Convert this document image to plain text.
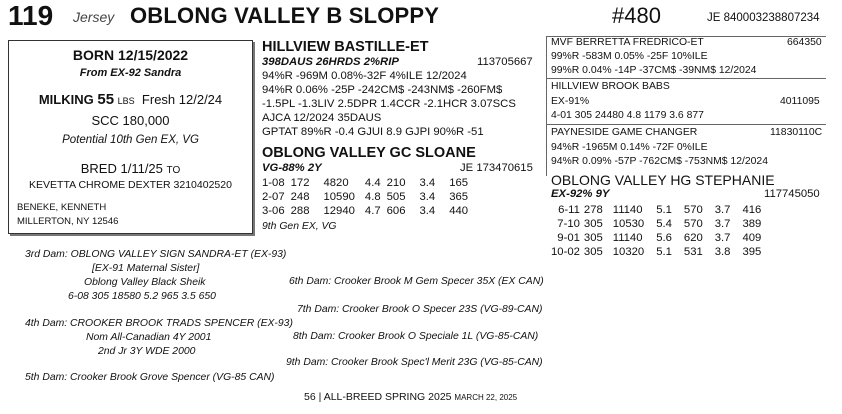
119 Jersey OBLONG VALLEY B SLOPPY	#480	JE 840003238807234
BORN 12/15/2022
From EX-92 Sandra
MILKING 55 LBS Fresh 12/2/24
SCC 180,000
Potential 10th Gen EX, VG
BRED 1/11/25 TO
KEVETTA CHROME DEXTER 3210402520
BENEKE, KENNETH
MILLERTON, NY 12546
HILLVIEW BASTILLE-ET
398DAUS 26HRDS 2%RIP	113705667
94%R -969M 0.08%-32F 4%ILE 12/2024
94%R 0.06% -25P -242CM$ -243NM$ -260FM$
-1.5PL -1.3LIV 2.5DPR 1.4CCR -2.1HCR 3.07SCS
AJCA 12/2024 35DAUS
GPTAT 89%R -0.4 GJUI 8.9 GJPI 90%R -51
OBLONG VALLEY GC SLOANE
VG-88% 2Y	JE 173470615
1-08	172	4820	4.4	210	3.4	165
2-07	248	10590	4.8	505	3.4	365
3-06	288	12940	4.7	606	3.4	440
9th Gen EX, VG
MVF BERRETTA FREDRICO-ET	664350
99%R -583M 0.05% -25F 10%ILE
99%R 0.04% -14P -37CM$ -39NM$ 12/2024
HILLVIEW BROOK BABS
EX-91%	4011095
4-01 305 24480 4.8 1179 3.6 877
PAYNESIDE GAME CHANGER	11830110C
94%R -1965M 0.14% -72F 0%ILE
94%R 0.09% -57P -762CM$ -753NM$ 12/2024
OBLONG VALLEY HG STEPHANIE
EX-92% 9Y	117745050
6-11	278	11140	5.1	570	3.7	416
7-10	305	10530	5.4	570	3.7	389
9-01	305	11140	5.6	620	3.7	409
10-02	305	10320	5.1	531	3.8	395
3rd Dam: OBLONG VALLEY SIGN SANDRA-ET (EX-93)
[EX-91 Maternal Sister]
Oblong Valley Black Sheik
6-08 305 18580 5.2 965 3.5 650
4th Dam: CROOKER BROOK TRADS SPENCER (EX-93)
Nom All-Canadian 4Y 2001
2nd Jr 3Y WDE 2000
5th Dam: Crooker Brook Grove Spencer (VG-85 CAN)
6th Dam: Crooker Brook M Gem Specer 35X (EX CAN)
7th Dam: Crooker Brook O Specer 23S (VG-89-CAN)
8th Dam: Crooker Brook O Speciale 1L (VG-85-CAN)
9th Dam: Crooker Brook Spec'l Merit 23G (VG-85-CAN)
56 | ALL-BREED SPRING 2025 MARCH 22, 2025
